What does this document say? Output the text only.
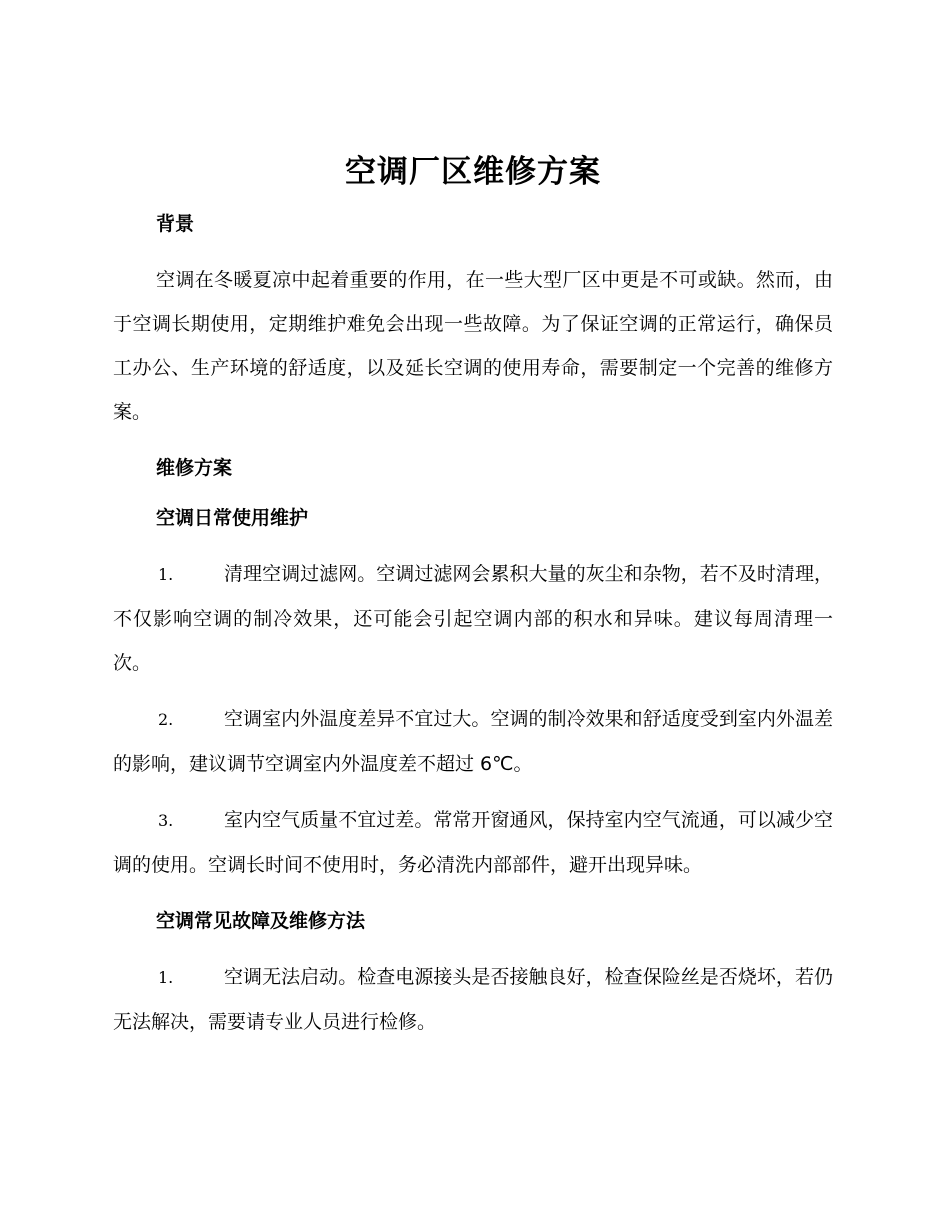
空调厂区维修方案
背景

空调在冬暖夏凉中起着重要的作用，在一些大型厂区中更是不可或缺。然而，由于空调长期使用，定期维护难免会出现一些故障。为了保证空调的正常运行，确保员工办公、生产环境的舒适度，以及延长空调的使用寿命，需要制定一个完善的维修方案。

维修方案
空调日常使用维护

1.	清理空调过滤网。空调过滤网会累积大量的灰尘和杂物，若不及时清理，不仅影响空调的制冷效果，还可能会引起空调内部的积水和异味。建议每周清理一次。

2.	空调室内外温度差异不宜过大。空调的制冷效果和舒适度受到室内外温差的影响，建议调节空调室内外温度差不超过 6℃。

3.	室内空气质量不宜过差。常常开窗通风，保持室内空气流通，可以减少空调的使用。空调长时间不使用时，务必清洗内部部件，避开出现异味。

空调常见故障及维修方法

1.	空调无法启动。检查电源接头是否接触良好，检查保险丝是否烧坏，若仍无法解决，需要请专业人员进行检修。
